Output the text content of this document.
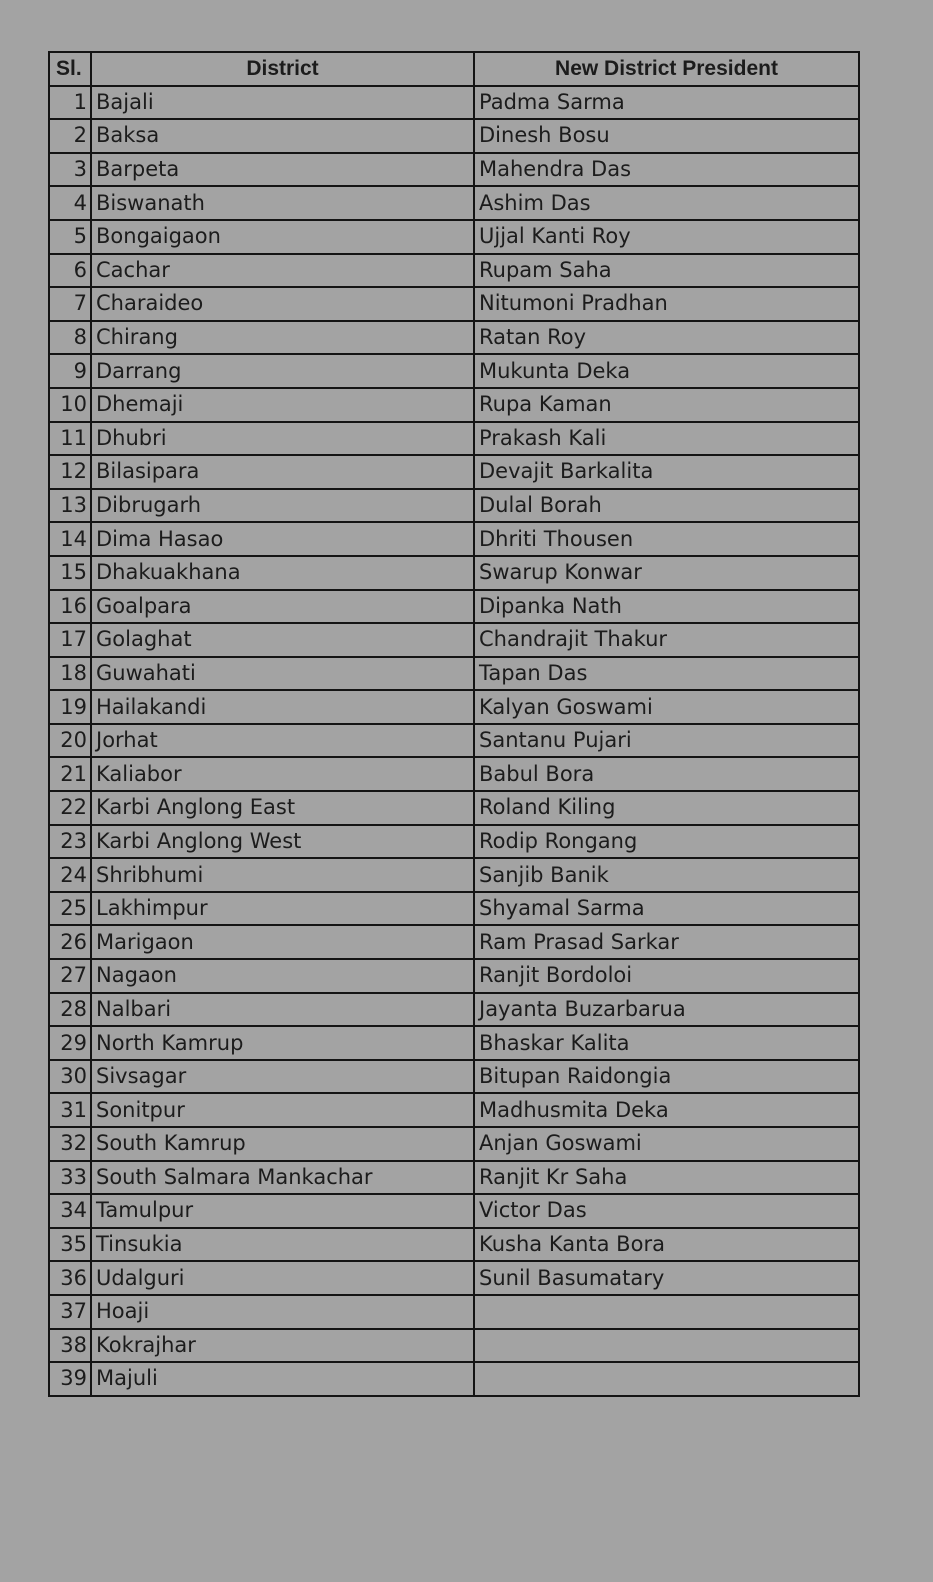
Sl.	District	New District President
1	Bajali	Padma Sarma
2	Baksa	Dinesh Bosu
3	Barpeta	Mahendra Das
4	Biswanath	Ashim Das
5	Bongaigaon	Ujjal Kanti Roy
6	Cachar	Rupam Saha
7	Charaideo	Nitumoni Pradhan
8	Chirang	Ratan Roy
9	Darrang	Mukunta Deka
10	Dhemaji	Rupa Kaman
11	Dhubri	Prakash Kali
12	Bilasipara	Devajit Barkalita
13	Dibrugarh	Dulal Borah
14	Dima Hasao	Dhriti Thousen
15	Dhakuakhana	Swarup Konwar
16	Goalpara	Dipanka Nath
17	Golaghat	Chandrajit Thakur
18	Guwahati	Tapan Das
19	Hailakandi	Kalyan Goswami
20	Jorhat	Santanu Pujari
21	Kaliabor	Babul Bora
22	Karbi Anglong East	Roland Kiling
23	Karbi Anglong West	Rodip Rongang
24	Shribhumi	Sanjib Banik
25	Lakhimpur	Shyamal Sarma
26	Marigaon	Ram Prasad Sarkar
27	Nagaon	Ranjit Bordoloi
28	Nalbari	Jayanta Buzarbarua
29	North Kamrup	Bhaskar Kalita
30	Sivsagar	Bitupan Raidongia
31	Sonitpur	Madhusmita Deka
32	South Kamrup	Anjan Goswami
33	South Salmara Mankachar	Ranjit Kr Saha
34	Tamulpur	Victor Das
35	Tinsukia	Kusha Kanta Bora
36	Udalguri	Sunil Basumatary
37	Hoaji	
38	Kokrajhar	
39	Majuli	
